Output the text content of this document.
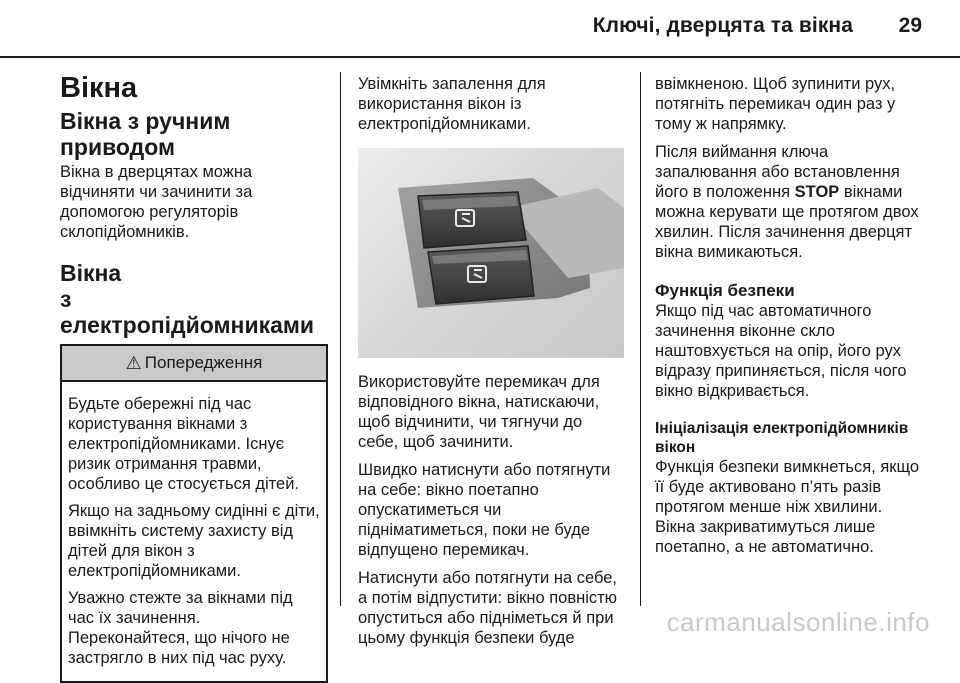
Ключі, дверцята та вікна 29
Вікна
Вікна з ручним приводом

Вікна в дверцятах можна відчиняти чи зачинити за допомогою регуляторів склопідйомників.

Вікна
з електропідйомниками
⚠ Попередження

Будьте обережні під час користування вікнами з електропідйомниками. Існує ризик отримання травми, особливо це стосується дітей.

Якщо на задньому сидінні є діти, ввімкніть систему захисту від дітей для вікон з електропідйомниками.

Уважно стежте за вікнами під час їх зачинення. Переконайтеся, що нічого не застрягло в них під час руху.

Увімкніть запалення для використання вікон із електропідйомниками.

Використовуйте перемикач для відповідного вікна, натискаючи, щоб відчинити, чи тягнучи до себе, щоб зачинити.

Швидко натиснути або потягнути на себе: вікно поетапно опускатиметься чи підніматиметься, поки не буде відпущено перемикач.

Натиснути або потягнути на себе, а потім відпустити: вікно повністю опуститься або підніметься й при цьому функція безпеки буде

ввімкненою. Щоб зупинити рух, потягніть перемикач один раз у тому ж напрямку.

Після виймання ключа запалювання або встановлення його в положення STOP вікнами можна керувати ще протягом двох хвилин. Після зачинення дверцят вікна вимикаються.

Функція безпеки

Якщо під час автоматичного зачинення віконне скло наштовхується на опір, його рух відразу припиняється, після чого вікно відкривається.

Ініціалізація електропідйомників вікон

Функція безпеки вимкнеться, якщо її буде активовано п’ять разів протягом менше ніж хвилини. Вікна закриватимуться лише поетапно, а не автоматично.

carmanualsonline.info
